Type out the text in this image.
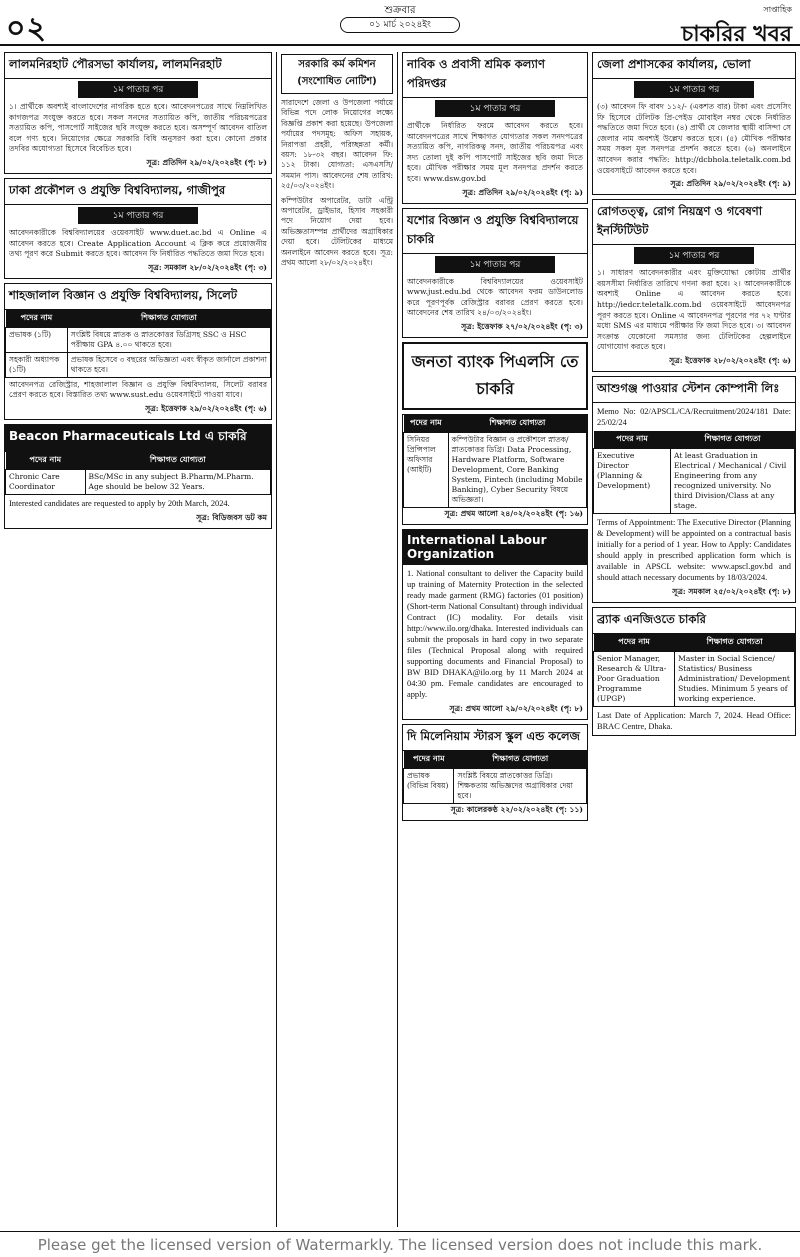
০২
শুক্রবার
০১ মার্চ ২০২৪ইং
সাপ্তাহিক
চাকরির খবর
লালমনিরহাট পৌরসভা কার্যালয়, লালমনিরহাট
১ম পাতার পর
১। প্রার্থীকে অবশ্যই বাংলাদেশের নাগরিক হতে হবে। আবেদনপত্রের সাথে নিম্নলিখিত কাগজপত্র সংযুক্ত করতে হবে। সকল সনদের সত্যায়িত কপি, জাতীয় পরিচয়পত্রের সত্যায়িত কপি, পাসপোর্ট সাইজের ছবি সংযুক্ত করতে হবে। অসম্পূর্ণ আবেদন বাতিল বলে গণ্য হবে। নিয়োগের ক্ষেত্রে সরকারি বিধি অনুসরণ করা হবে। কোনো প্রকার তদবির অযোগ্যতা হিসেবে বিবেচিত হবে।
সূত্র: প্রতিদিন ২৯/০২/২০২৪ইং (পৃ: ৮)
ঢাকা প্রকৌশল ও প্রযুক্তি বিশ্ববিদ্যালয়, গাজীপুর
১ম পাতার পর
আবেদনকারীকে বিশ্ববিদ্যালয়ের ওয়েবসাইট www.duet.ac.bd এ Online এ আবেদন করতে হবে। Create Application Account এ ক্লিক করে প্রয়োজনীয় তথ্য পূরণ করে Submit করতে হবে। আবেদন ফি নির্ধারিত পদ্ধতিতে জমা দিতে হবে।
সূত্র: সমকাল ২৮/০২/২০২৪ইং (পৃ: ৩)
শাহজালাল বিজ্ঞান ও প্রযুক্তি বিশ্ববিদ্যালয়, সিলেট
পদের নাম	শিক্ষাগত যোগ্যতা
প্রভাষক (১টি)	সংশ্লিষ্ট বিষয়ে স্নাতক ও স্নাতকোত্তর ডিগ্রিসহ SSC ও HSC পরীক্ষায় GPA ৪.০০ থাকতে হবে।
সহকারী অধ্যাপক (১টি)	প্রভাষক হিসেবে ৩ বছরের অভিজ্ঞতা এবং স্বীকৃত জার্নালে প্রকাশনা থাকতে হবে।
আবেদনপত্র রেজিস্ট্রার, শাহজালাল বিজ্ঞান ও প্রযুক্তি বিশ্ববিদ্যালয়, সিলেট বরাবর প্রেরণ করতে হবে। বিস্তারিত তথ্য www.sust.edu ওয়েবসাইটে পাওয়া যাবে।
সূত্র: ইত্তেফাক ২৯/০২/২০২৪ইং (পৃ: ৬)
Beacon Pharmaceuticals Ltd এ চাকরি
পদের নাম	শিক্ষাগত যোগ্যতা
Chronic Care Coordinator	BSc/MSc in any subject B.Pharm/M.Pharm. Age should be below 32 Years.
Interested candidates are requested to apply by 20th March, 2024.
সূত্র: বিডিজবস ডট কম
সরকারি কর্ম কমিশন (সংশোধিত নোটিশ)
সারাদেশে জেলা ও উপজেলা পর্যায়ে বিভিন্ন পদে লোক নিয়োগের লক্ষ্যে বিজ্ঞপ্তি প্রকাশ করা হয়েছে। উপজেলা পর্যায়ের পদসমূহ: অফিস সহায়ক, নিরাপত্তা প্রহরী, পরিচ্ছন্নতা কর্মী। বয়স: ১৮-৩২ বছর। আবেদন ফি: ১১২ টাকা। যোগ্যতা: এসএসসি/সমমান পাস। আবেদনের শেষ তারিখ: ২৫/০৩/২০২৪ইং।
কম্পিউটার অপারেটর, ডাটা এন্ট্রি অপারেটর, ড্রাইভার, হিসাব সহকারী পদে নিয়োগ দেয়া হবে। অভিজ্ঞতাসম্পন্ন প্রার্থীদের অগ্রাধিকার দেয়া হবে। টেলিটকের মাধ্যমে অনলাইনে আবেদন করতে হবে। সূত্র: প্রথম আলো ২৮/০২/২০২৪ইং।
নাবিক ও প্রবাসী শ্রমিক কল্যাণ পরিদপ্তর
১ম পাতার পর
প্রার্থীকে নির্ধারিত ফরমে আবেদন করতে হবে। আবেদনপত্রের সাথে শিক্ষাগত যোগ্যতার সকল সনদপত্রের সত্যায়িত কপি, নাগরিকত্ব সনদ, জাতীয় পরিচয়পত্র এবং সদ্য তোলা দুই কপি পাসপোর্ট সাইজের ছবি জমা দিতে হবে। মৌখিক পরীক্ষার সময় মূল সনদপত্র প্রদর্শন করতে হবে। www.dsw.gov.bd
সূত্র: প্রতিদিন ২৯/০২/২০২৪ইং (পৃ: ৯)
যশোর বিজ্ঞান ও প্রযুক্তি বিশ্ববিদ্যালয়ে চাকরি
১ম পাতার পর
আবেদনকারীকে বিশ্ববিদ্যালয়ের ওয়েবসাইট www.just.edu.bd থেকে আবেদন ফরম ডাউনলোড করে পূরণপূর্বক রেজিস্ট্রার বরাবর প্রেরণ করতে হবে। আবেদনের শেষ তারিখ ২৪/০৩/২০২৪ইং।
সূত্র: ইত্তেফাক ২৭/০২/২০২৪ইং (পৃ: ৩)
জনতা ব্যাংক পিএলসি তে চাকরি
পদের নাম	শিক্ষাগত যোগ্যতা
সিনিয়র প্রিন্সিপাল অফিসার (আইটি)	কম্পিউটার বিজ্ঞান ও প্রকৌশলে স্নাতক/স্নাতকোত্তর ডিগ্রি। Data Processing, Hardware Platform, Software Development, Core Banking System, Fintech (including Mobile Banking), Cyber Security বিষয়ে অভিজ্ঞতা।
সূত্র: প্রথম আলো ২৪/০২/২০২৪ইং (পৃ: ১৬)
International Labour Organization
1. National consultant to deliver the Capacity build up training of Maternity Protection in the selected ready made garment (RMG) factories (01 position) (Short-term National Consultant) through individual Contract (IC) modality. For details visit http://www.ilo.org/dhaka. Interested individuals can submit the proposals in hard copy in two separate files (Technical Proposal along with required supporting documents and Financial Proposal) to BW BID DHAKA@ilo.org by 11 March 2024 at 04:30 pm. Female candidates are encouraged to apply.
সূত্র: প্রথম আলো ২৯/০২/২০২৪ইং (পৃ: ৮)
দি মিলেনিয়াম স্টারস স্কুল এন্ড কলেজ
পদের নাম	শিক্ষাগত যোগ্যতা
প্রভাষক (বিভিন্ন বিষয়)	সংশ্লিষ্ট বিষয়ে স্নাতকোত্তর ডিগ্রি। শিক্ষকতায় অভিজ্ঞদের অগ্রাধিকার দেয়া হবে।
সূত্র: কালেরকণ্ঠ ২২/০২/২০২৪ইং (পৃ: ১১)
জেলা প্রশাসকের কার্যালয়, ভোলা
১ম পাতার পর
(৩) আবেদন ফি বাবদ ১১২/- (একশত বার) টাকা এবং প্রসেসিং ফি হিসেবে টেলিটক প্রি-পেইড মোবাইল নম্বর থেকে নির্ধারিত পদ্ধতিতে জমা দিতে হবে। (৪) প্রার্থী যে জেলার স্থায়ী বাসিন্দা সে জেলার নাম অবশ্যই উল্লেখ করতে হবে। (৫) মৌখিক পরীক্ষার সময় সকল মূল সনদপত্র প্রদর্শন করতে হবে। (৬) অনলাইনে আবেদন করার পদ্ধতি: http://dcbhola.teletalk.com.bd ওয়েবসাইটে আবেদন করতে হবে।
সূত্র: প্রতিদিন ২৯/০২/২০২৪ইং (পৃ: ৯)
রোগতত্ত্ব, রোগ নিয়ন্ত্রণ ও গবেষণা ইনস্টিটিউট
১ম পাতার পর
১। সাধারণ আবেদনকারীর এবং মুক্তিযোদ্ধা কোটায় প্রার্থীর বয়সসীমা নির্ধারিত তারিখে গণনা করা হবে। ২। আবেদনকারীকে অবশ্যই Online এ আবেদন করতে হবে। http://iedcr.teletalk.com.bd ওয়েবসাইটে আবেদনপত্র পূরণ করতে হবে। Online এ আবেদনপত্র পূরণের পর ৭২ ঘণ্টার মধ্যে SMS এর মাধ্যমে পরীক্ষার ফি জমা দিতে হবে। ৩। আবেদন সংক্রান্ত যেকোনো সমস্যার জন্য টেলিটকের হেল্পলাইনে যোগাযোগ করতে হবে।
সূত্র: ইত্তেফাক ২৮/০২/২০২৪ইং (পৃ: ৬)
আশুগঞ্জ পাওয়ার স্টেশন কোম্পানী লিঃ
Memo No: 02/APSCL/CA/Recruitment/2024/181 Date: 25/02/24
পদের নাম	শিক্ষাগত যোগ্যতা
Executive Director (Planning & Development)	At least Graduation in Electrical / Mechanical / Civil Engineering from any recognized university. No third Division/Class at any stage.
Terms of Appointment: The Executive Director (Planning & Development) will be appointed on a contractual basis initially for a period of 1 year. How to Apply: Candidates should apply in prescribed application form which is available in APSCL website: www.apscl.gov.bd and should attach necessary documents by 18/03/2024.
সূত্র: সমকাল ২৫/০২/২০২৪ইং (পৃ: ৮)
ব্র্যাক এনজিওতে চাকরি
পদের নাম	শিক্ষাগত যোগ্যতা
Senior Manager, Research & Ultra-Poor Graduation Programme (UPGP)	Master in Social Science/ Statistics/ Business Administration/ Development Studies. Minimum 5 years of working experience.
Last Date of Application: March 7, 2024. Head Office: BRAC Centre, Dhaka.
Please get the licensed version of Watermarkly. The licensed version does not include this mark.
